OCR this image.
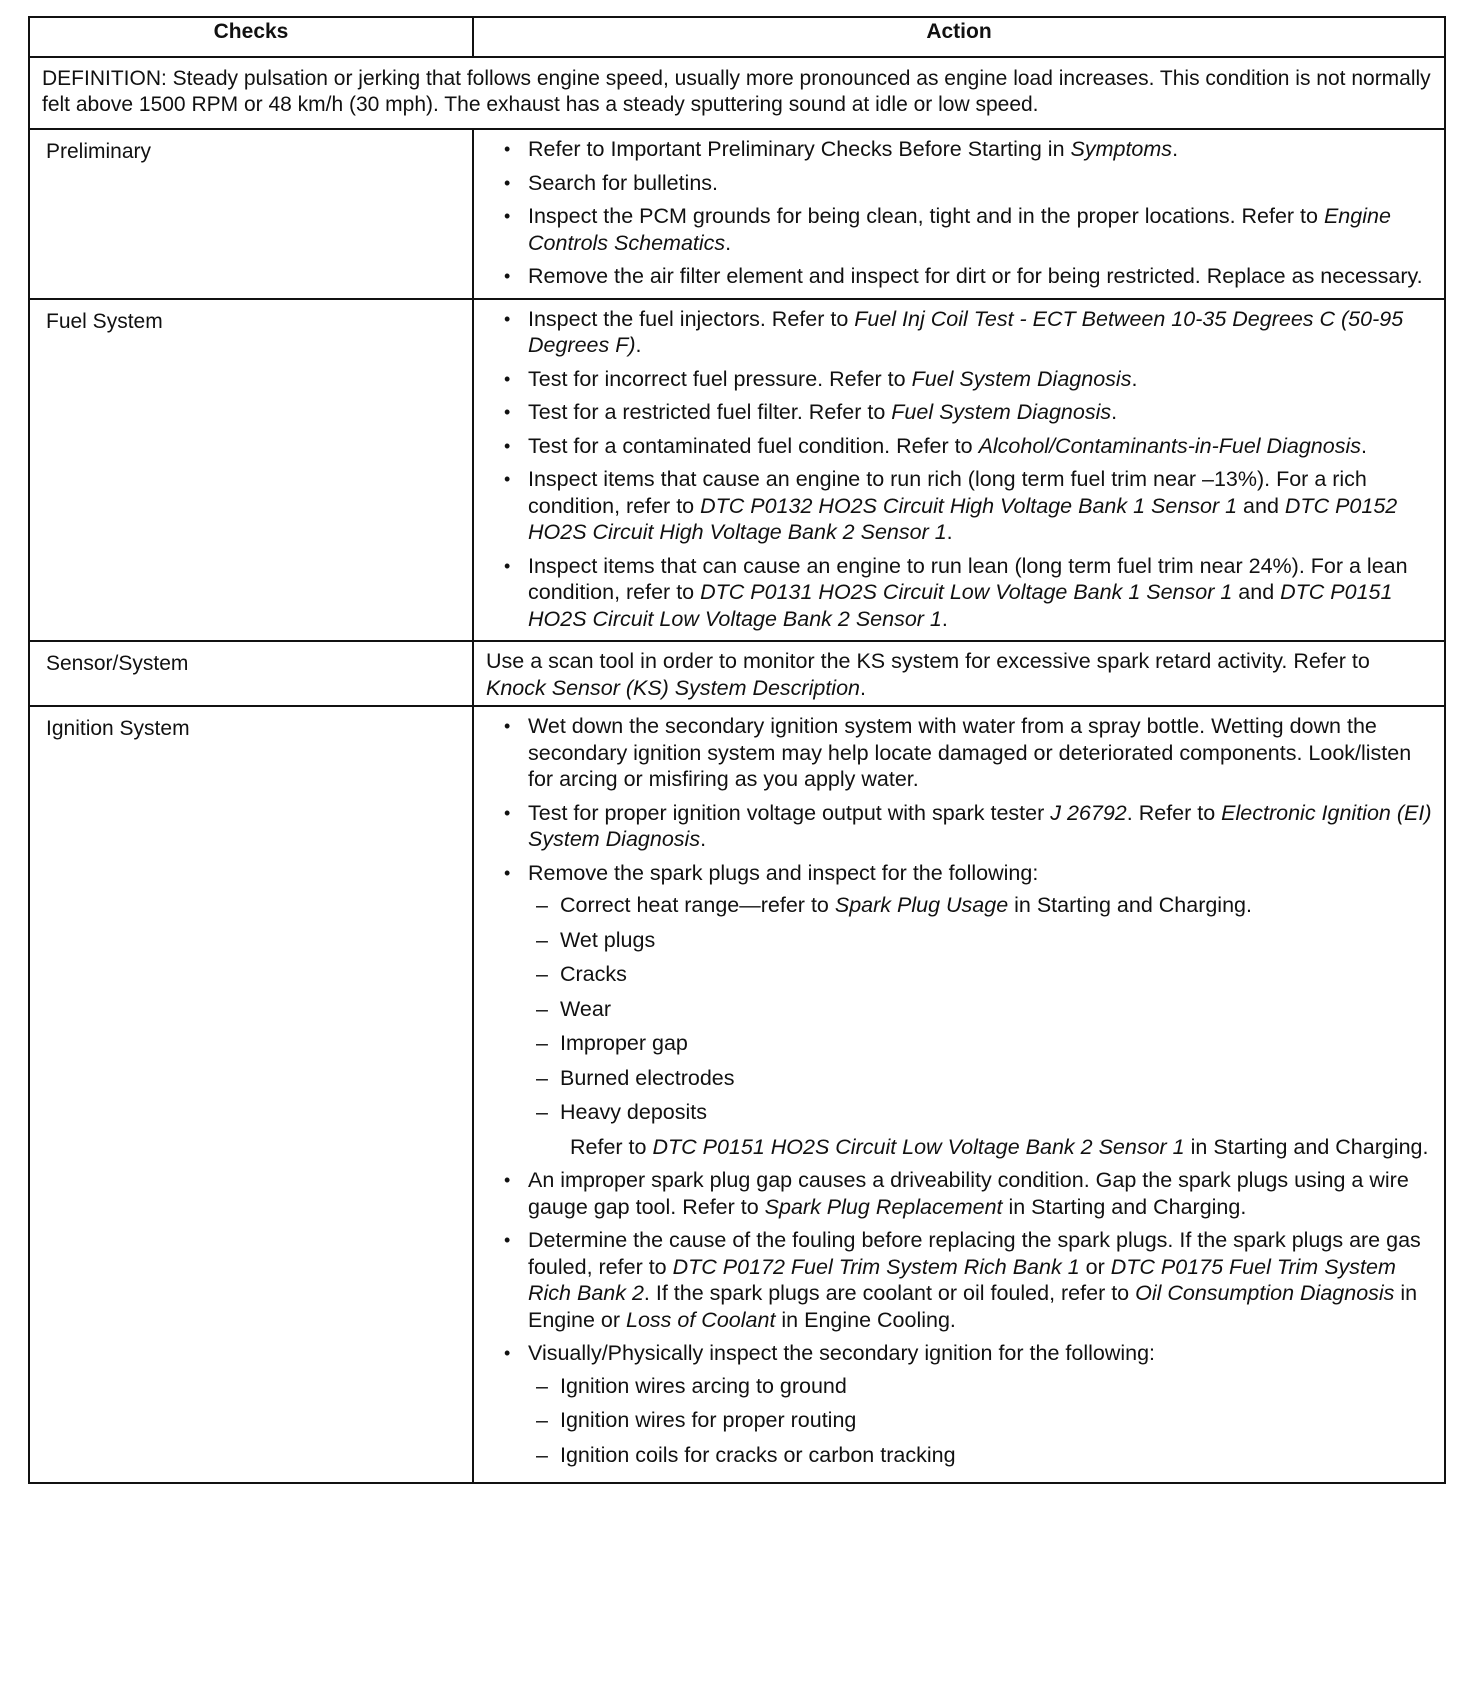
Checks	Action
DEFINITION: Steady pulsation or jerking that follows engine speed, usually more pronounced as engine load increases. This condition is not normally felt above 1500 RPM or 48 km/h (30 mph). The exhaust has a steady sputtering sound at idle or low speed.	
Preliminary	• Refer to Important Preliminary Checks Before Starting in Symptoms.
• Search for bulletins.
• Inspect the PCM grounds for being clean, tight and in the proper locations. Refer to Engine Controls Schematics.
• Remove the air filter element and inspect for dirt or for being restricted. Replace as necessary.

Fuel System	• Inspect the fuel injectors. Refer to Fuel Inj Coil Test - ECT Between 10-35 Degrees C (50-95 Degrees F).
• Test for incorrect fuel pressure. Refer to Fuel System Diagnosis.
• Test for a restricted fuel filter. Refer to Fuel System Diagnosis.
• Test for a contaminated fuel condition. Refer to Alcohol/Contaminants-in-Fuel Diagnosis.
• Inspect items that cause an engine to run rich (long term fuel trim near –13%). For a rich condition, refer to DTC P0132 HO2S Circuit High Voltage Bank 1 Sensor 1 and DTC P0152 HO2S Circuit High Voltage Bank 2 Sensor 1.
• Inspect items that can cause an engine to run lean (long term fuel trim near 24%). For a lean condition, refer to DTC P0131 HO2S Circuit Low Voltage Bank 1 Sensor 1 and DTC P0151 HO2S Circuit Low Voltage Bank 2 Sensor 1.

Sensor/System	Use a scan tool in order to monitor the KS system for excessive spark retard activity. Refer to Knock Sensor (KS) System Description.
Ignition System	• Wet down the secondary ignition system with water from a spray bottle. Wetting down the secondary ignition system may help locate damaged or deteriorated components. Look/listen for arcing or misfiring as you apply water.
• Test for proper ignition voltage output with spark tester J 26792. Refer to Electronic Ignition (EI) System Diagnosis.
• Remove the spark plugs and inspect for the following:
– Correct heat range—refer to Spark Plug Usage in Starting and Charging.
– Wet plugs
– Cracks
– Wear
– Improper gap
– Burned electrodes
– Heavy deposits
Refer to DTC P0151 HO2S Circuit Low Voltage Bank 2 Sensor 1 in Starting and Charging.
• An improper spark plug gap causes a driveability condition. Gap the spark plugs using a wire gauge gap tool. Refer to Spark Plug Replacement in Starting and Charging.
• Determine the cause of the fouling before replacing the spark plugs. If the spark plugs are gas fouled, refer to DTC P0172 Fuel Trim System Rich Bank 1 or DTC P0175 Fuel Trim System Rich Bank 2. If the spark plugs are coolant or oil fouled, refer to Oil Consumption Diagnosis in Engine or Loss of Coolant in Engine Cooling.
• Visually/Physically inspect the secondary ignition for the following:
– Ignition wires arcing to ground
– Ignition wires for proper routing
– Ignition coils for cracks or carbon tracking
